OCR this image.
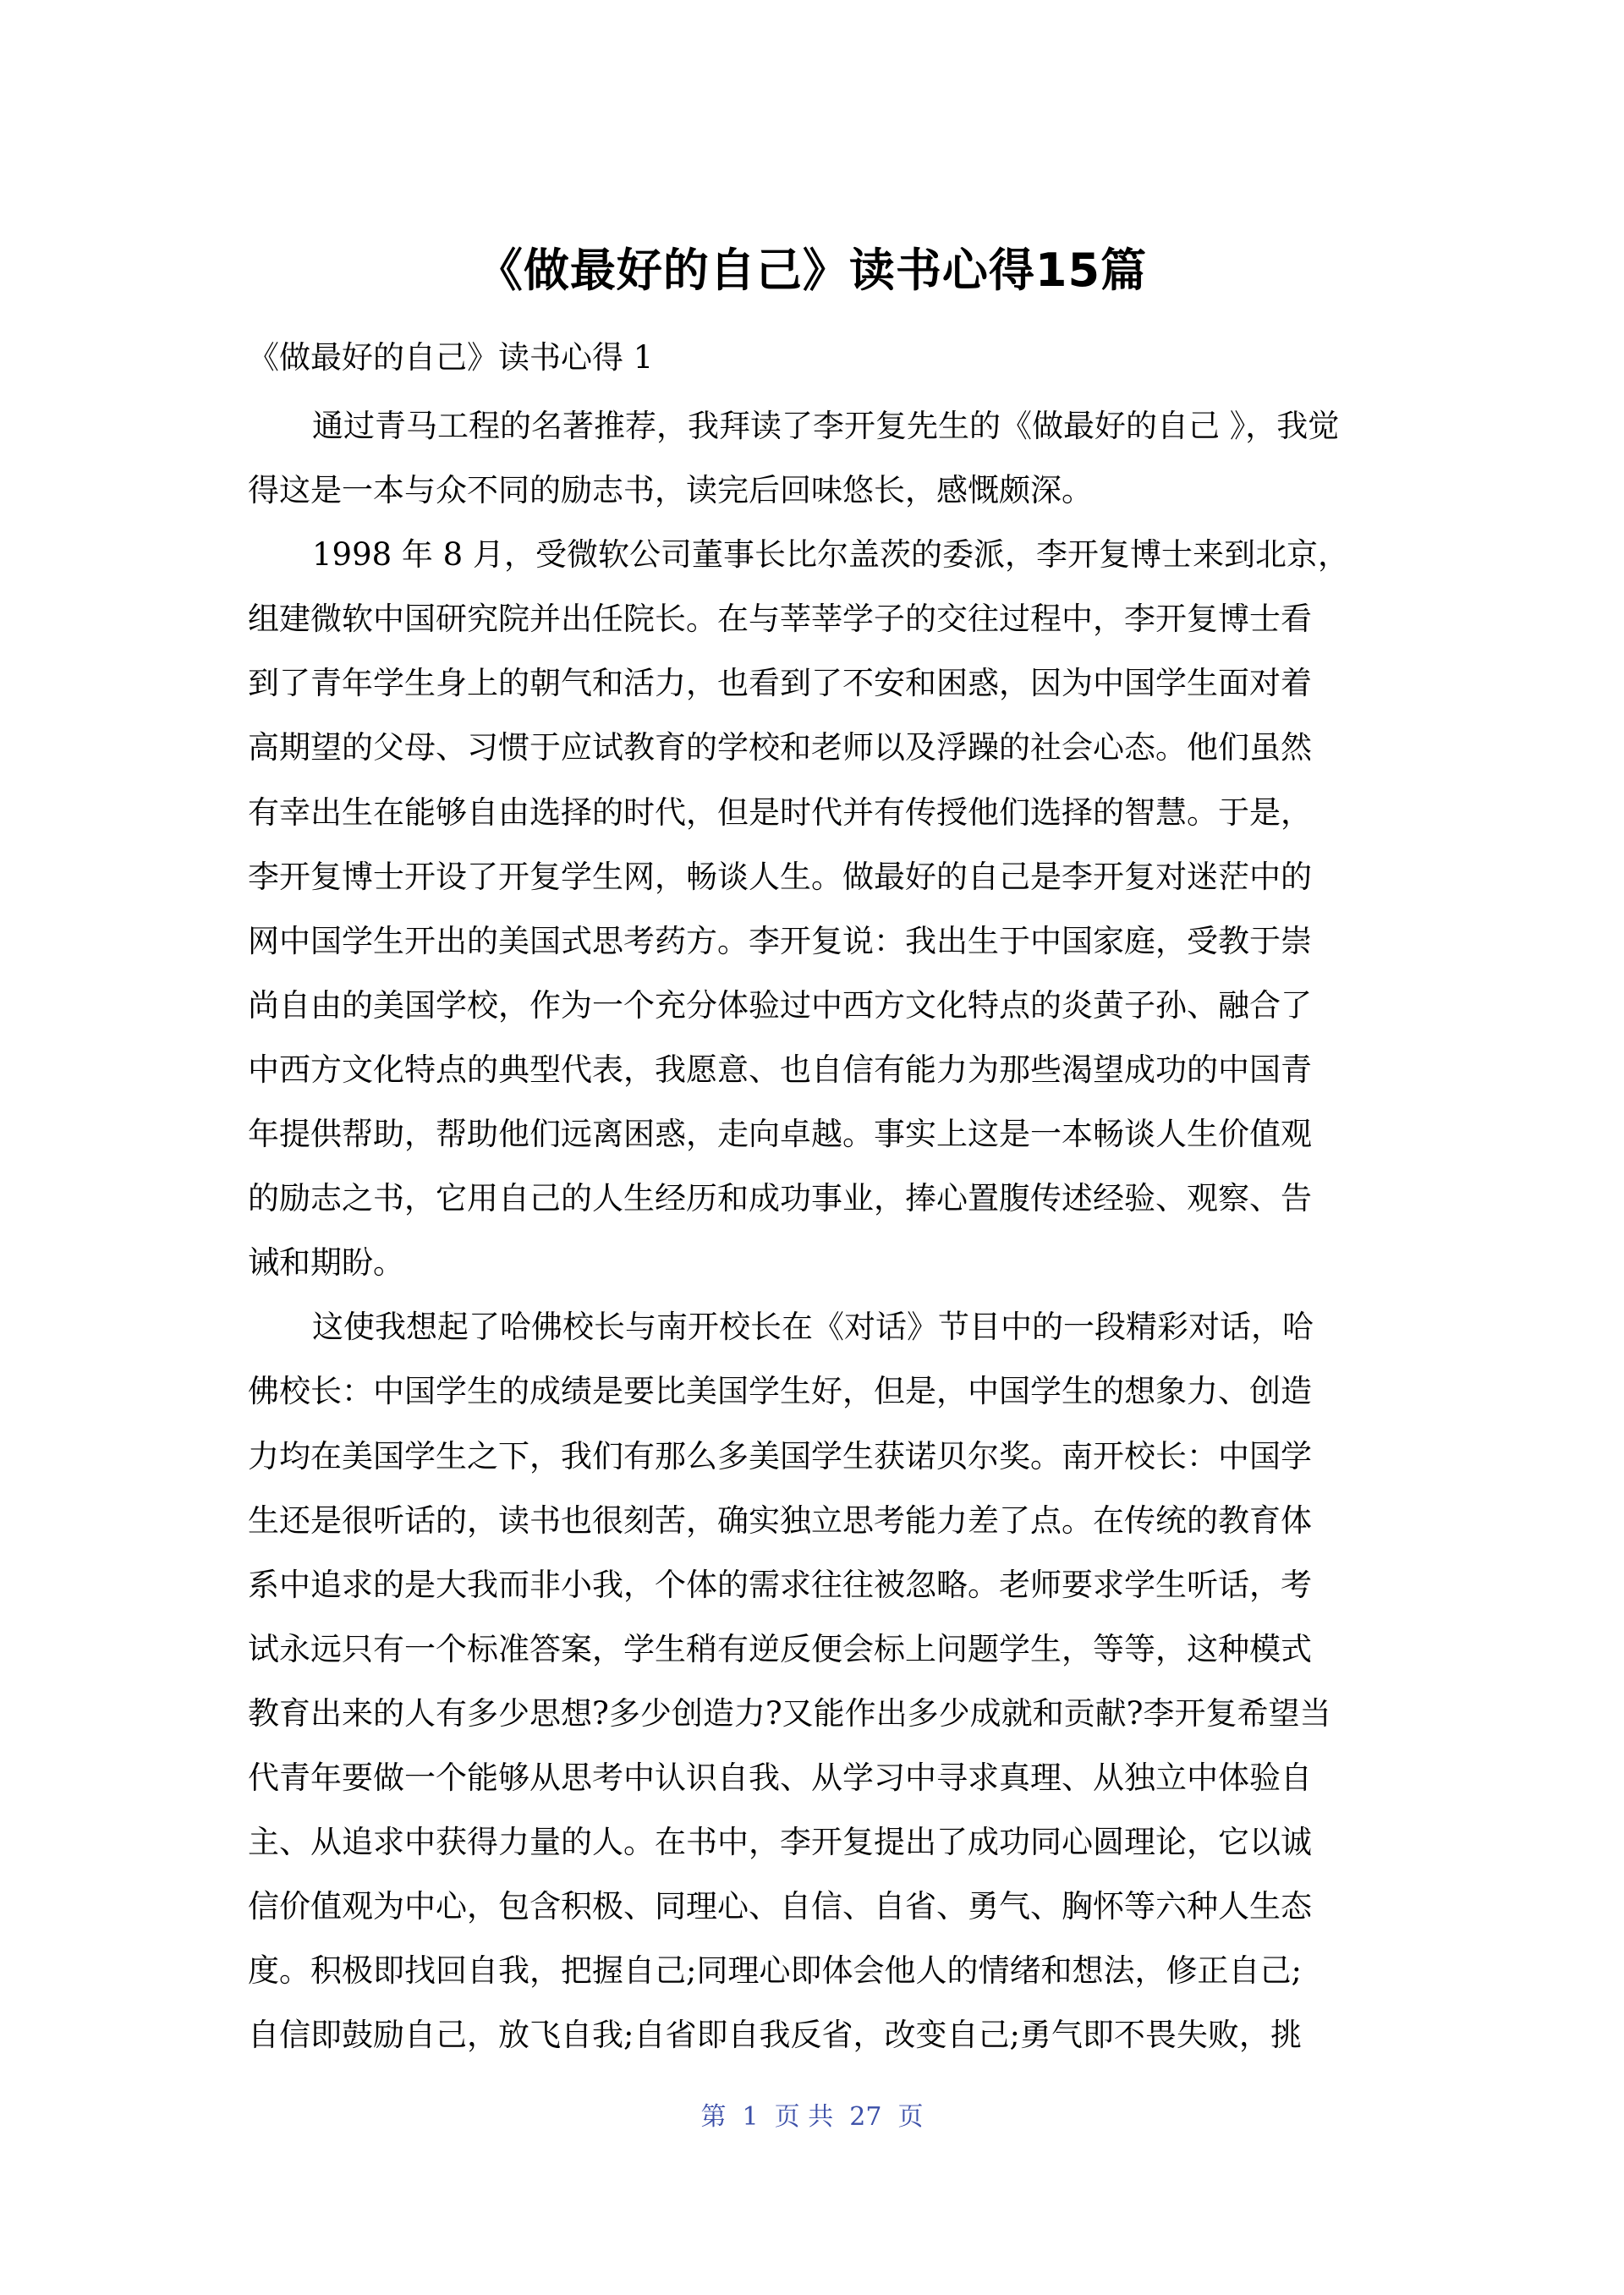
《做最好的自己》读书心得15篇
《做最好的自己》读书心得 1
通过青马工程的名著推荐，我拜读了李开复先生的《做最好的自己 》，我觉
得这是一本与众不同的励志书，读完后回味悠长，感慨颇深。
1998 年 8 月，受微软公司董事长比尔盖茨的委派，李开复博士来到北京，
组建微软中国研究院并出任院长。在与莘莘学子的交往过程中，李开复博士看
到了青年学生身上的朝气和活力，也看到了不安和困惑，因为中国学生面对着
高期望的父母、习惯于应试教育的学校和老师以及浮躁的社会心态。他们虽然
有幸出生在能够自由选择的时代，但是时代并有传授他们选择的智慧。于是，
李开复博士开设了开复学生网，畅谈人生。做最好的自己是李开复对迷茫中的
网中国学生开出的美国式思考药方。李开复说：我出生于中国家庭，受教于崇
尚自由的美国学校，作为一个充分体验过中西方文化特点的炎黄子孙、融合了
中西方文化特点的典型代表，我愿意、也自信有能力为那些渴望成功的中国青
年提供帮助，帮助他们远离困惑，走向卓越。事实上这是一本畅谈人生价值观
的励志之书，它用自己的人生经历和成功事业，捧心置腹传述经验、观察、告
诫和期盼。
这使我想起了哈佛校长与南开校长在《对话》节目中的一段精彩对话，哈
佛校长：中国学生的成绩是要比美国学生好，但是，中国学生的想象力、创造
力均在美国学生之下，我们有那么多美国学生获诺贝尔奖。南开校长：中国学
生还是很听话的，读书也很刻苦，确实独立思考能力差了点。在传统的教育体
系中追求的是大我而非小我，个体的需求往往被忽略。老师要求学生听话，考
试永远只有一个标准答案，学生稍有逆反便会标上问题学生，等等，这种模式
教育出来的人有多少思想?多少创造力?又能作出多少成就和贡献?李开复希望当
代青年要做一个能够从思考中认识自我、从学习中寻求真理、从独立中体验自
主、从追求中获得力量的人。在书中，李开复提出了成功同心圆理论，它以诚
信价值观为中心，包含积极、同理心、自信、自省、勇气、胸怀等六种人生态
度。积极即找回自我，把握自己;同理心即体会他人的情绪和想法，修正自己;
自信即鼓励自己，放飞自我;自省即自我反省，改变自己;勇气即不畏失败，挑
第  1  页 共  27  页
